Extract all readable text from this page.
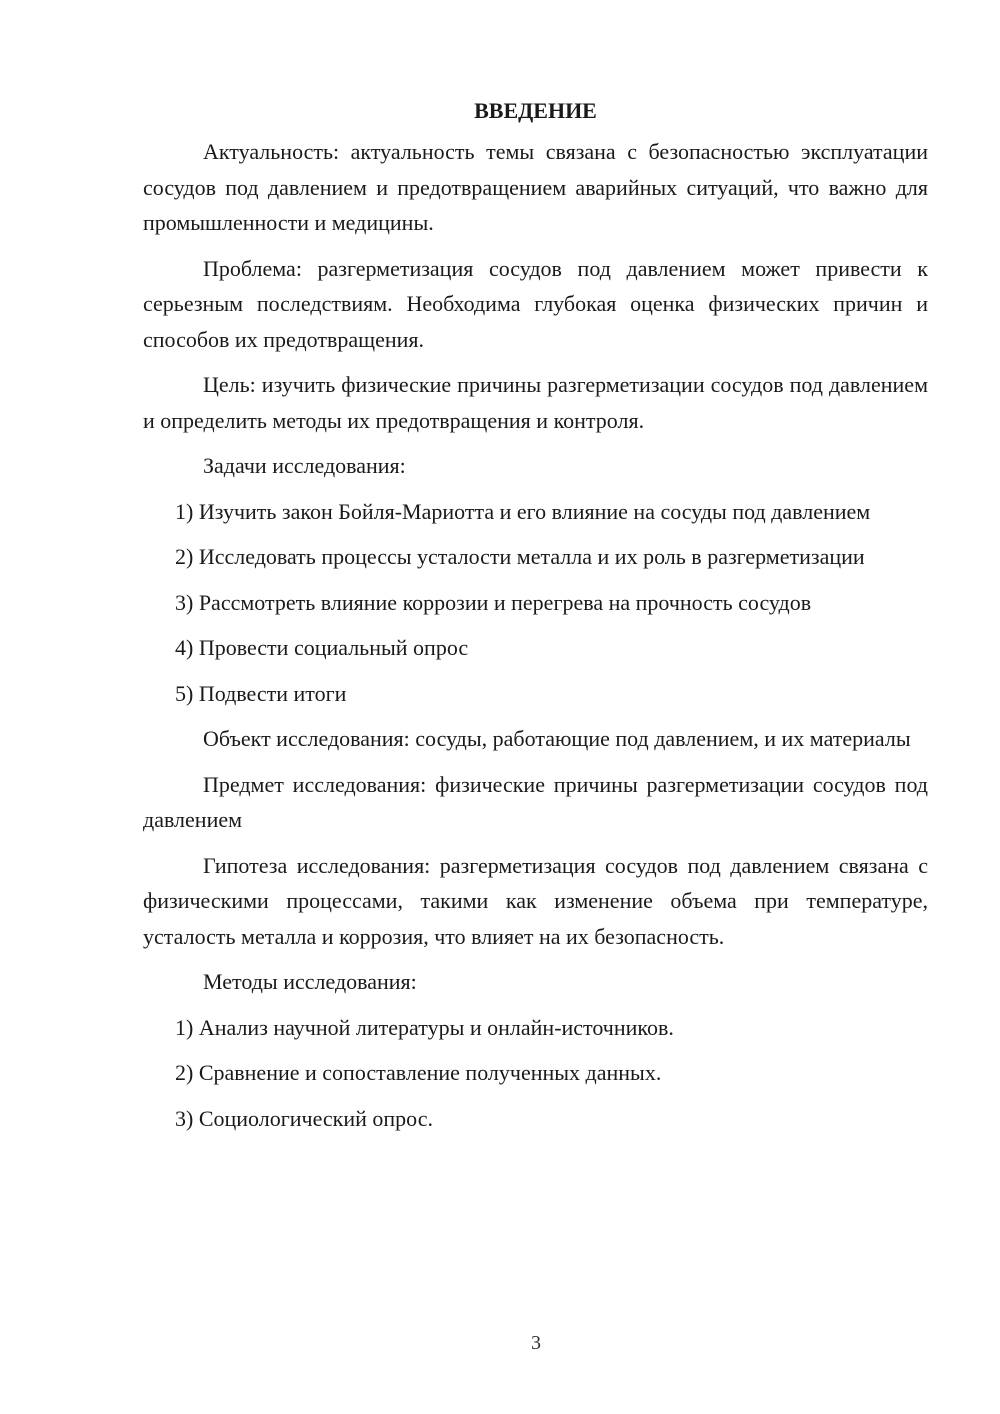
ВВЕДЕНИЕ

Актуальность: актуальность темы связана с безопасностью эксплуатации сосудов под давлением и предотвращением аварийных ситуаций, что важно для промышленности и медицины.

Проблема: разгерметизация сосудов под давлением может привести к серьезным последствиям. Необходима глубокая оценка физических причин и способов их предотвращения.

Цель: изучить физические причины разгерметизации сосудов под давлением и определить методы их предотвращения и контроля.

Задачи исследования:

1) Изучить закон Бойля-Мариотта и его влияние на сосуды под давлением

2) Исследовать процессы усталости металла и их роль в разгерметизации

3) Рассмотреть влияние коррозии и перегрева на прочность сосудов

4) Провести социальный опрос

5) Подвести итоги

Объект исследования: сосуды, работающие под давлением, и их материалы

Предмет исследования: физические причины разгерметизации сосудов под давлением

Гипотеза исследования: разгерметизация сосудов под давлением связана с физическими процессами, такими как изменение объема при температуре, усталость металла и коррозия, что влияет на их безопасность.

Методы исследования:

1) Анализ научной литературы и онлайн-источников.

2) Сравнение и сопоставление полученных данных.

3) Социологический опрос.

3
